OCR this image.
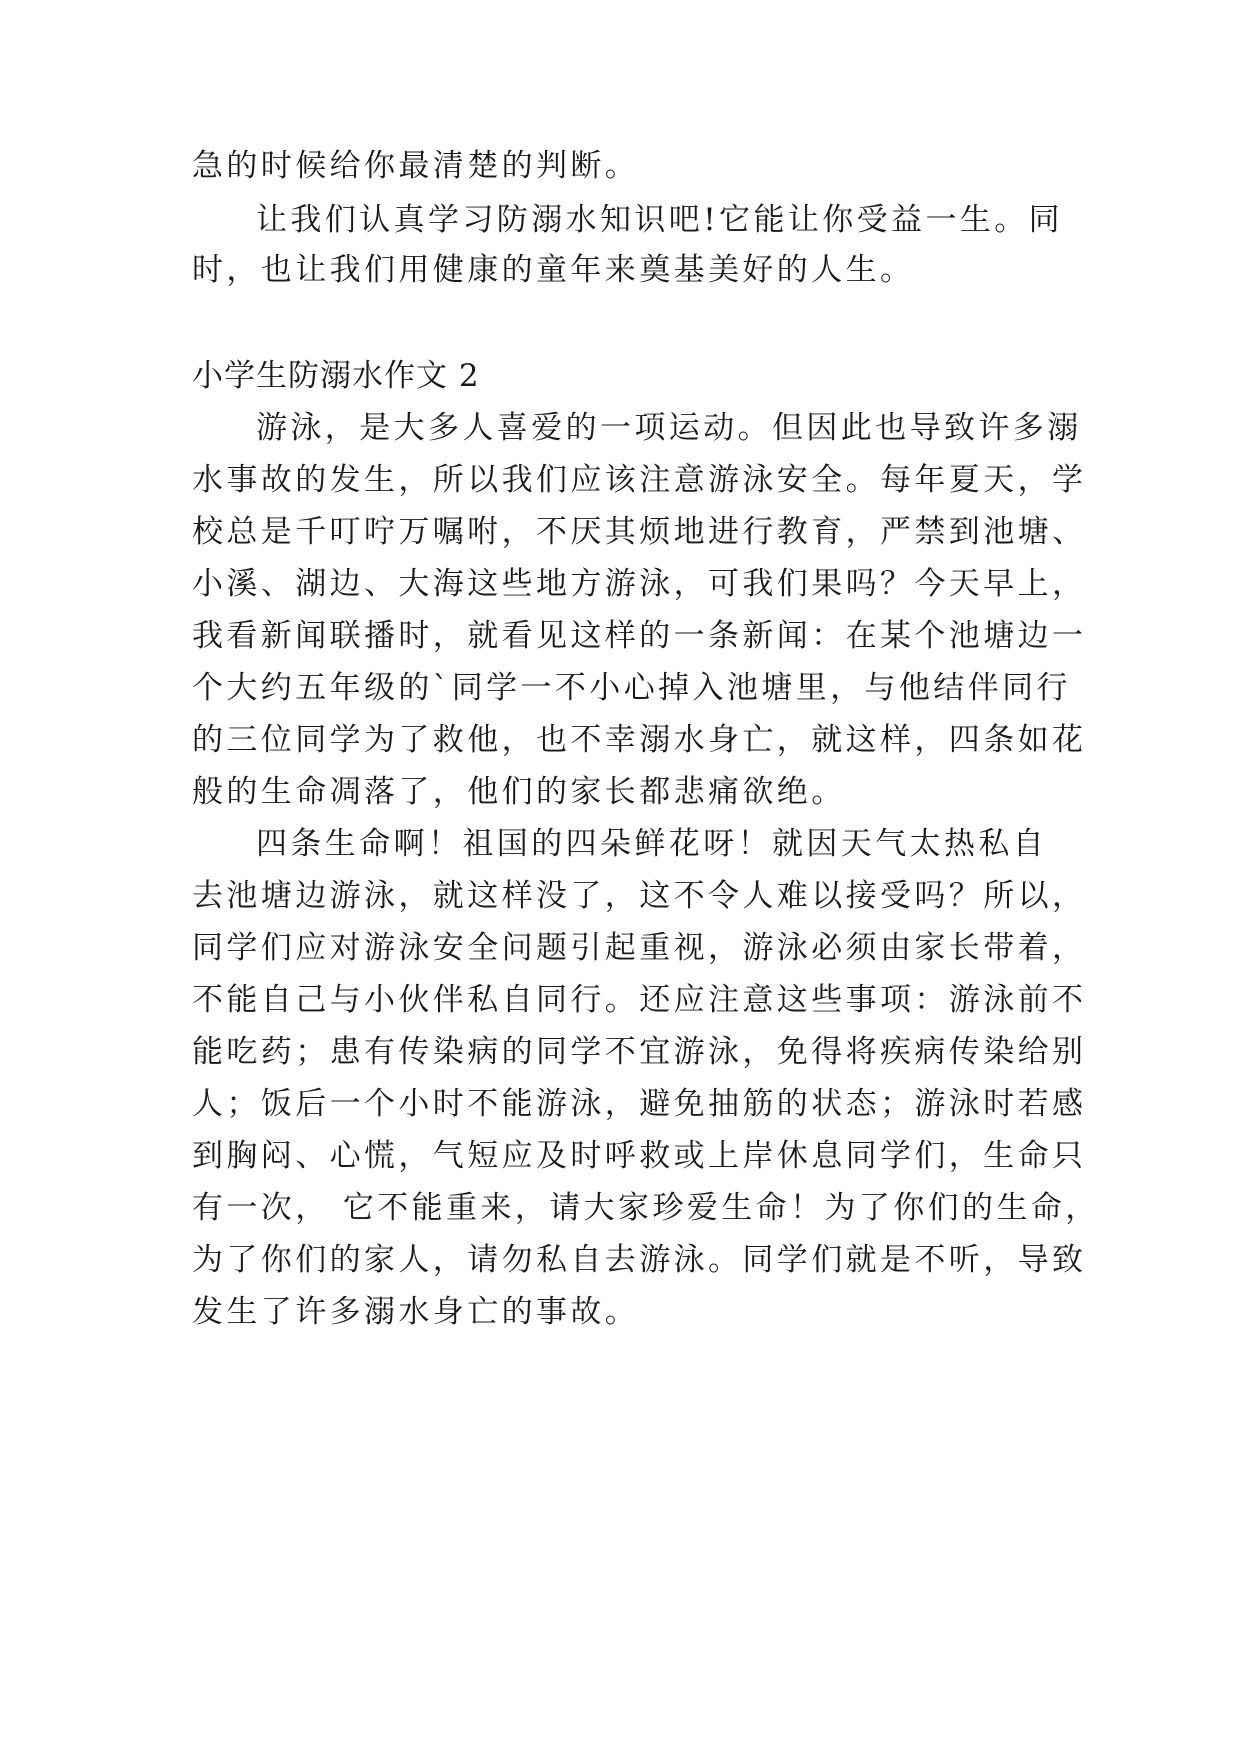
急的时候给你最清楚的判断。
让我们认真学习防溺水知识吧!它能让你受益一生。同
时，也让我们用健康的童年来奠基美好的人生。
小学生防溺水作文 2
游泳，是大多人喜爱的一项运动。但因此也导致许多溺
水事故的发生，所以我们应该注意游泳安全。每年夏天，学
校总是千叮咛万嘱咐，不厌其烦地进行教育，严禁到池塘、
小溪、湖边、大海这些地方游泳，可我们果吗？今天早上，
我看新闻联播时，就看见这样的一条新闻：在某个池塘边一
个大约五年级的`同学一不小心掉入池塘里，与他结伴同行
的三位同学为了救他，也不幸溺水身亡，就这样，四条如花
般的生命凋落了，他们的家长都悲痛欲绝。
四条生命啊！祖国的四朵鲜花呀！就因天气太热私自
去池塘边游泳，就这样没了，这不令人难以接受吗？所以，
同学们应对游泳安全问题引起重视，游泳必须由家长带着，
不能自己与小伙伴私自同行。还应注意这些事项：游泳前不
能吃药；患有传染病的同学不宜游泳，免得将疾病传染给别
人；饭后一个小时不能游泳，避免抽筋的状态；游泳时若感
到胸闷、心慌，气短应及时呼救或上岸休息同学们，生命只
有一次， 它不能重来，请大家珍爱生命！为了你们的生命，
为了你们的家人，请勿私自去游泳。同学们就是不听，导致
发生了许多溺水身亡的事故。
